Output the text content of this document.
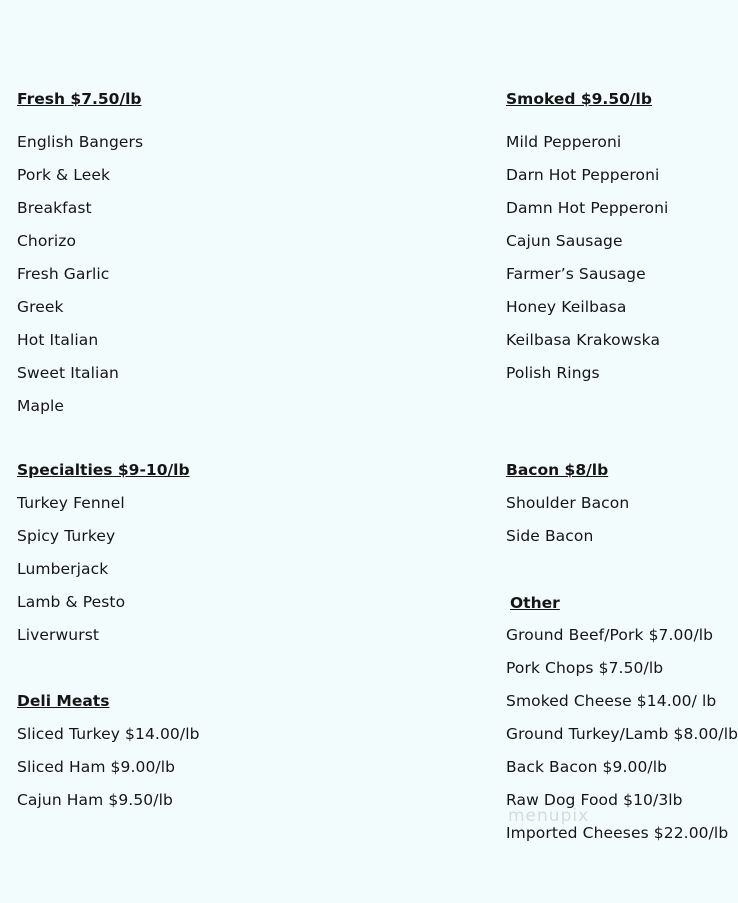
Fresh $7.50/lb
English Bangers
Pork & Leek
Breakfast
Chorizo
Fresh Garlic
Greek
Hot Italian
Sweet Italian
Maple
Smoked $9.50/lb
Mild Pepperoni
Darn Hot Pepperoni
Damn Hot Pepperoni
Cajun Sausage
Farmer’s Sausage
Honey Keilbasa
Keilbasa Krakowska
Polish Rings
Specialties $9-10/lb
Turkey Fennel
Spicy Turkey
Lumberjack
Lamb & Pesto
Liverwurst
Bacon $8/lb
Shoulder Bacon
Side Bacon
Deli Meats
Sliced Turkey $14.00/lb
Sliced Ham $9.00/lb
Cajun Ham $9.50/lb
Other
Ground Beef/Pork $7.00/lb
Pork Chops $7.50/lb
Smoked Cheese $14.00/ lb
Ground Turkey/Lamb $8.00/lb
Back Bacon $9.00/lb
Raw Dog Food $10/3lb
Imported Cheeses $22.00/lb
menupix
